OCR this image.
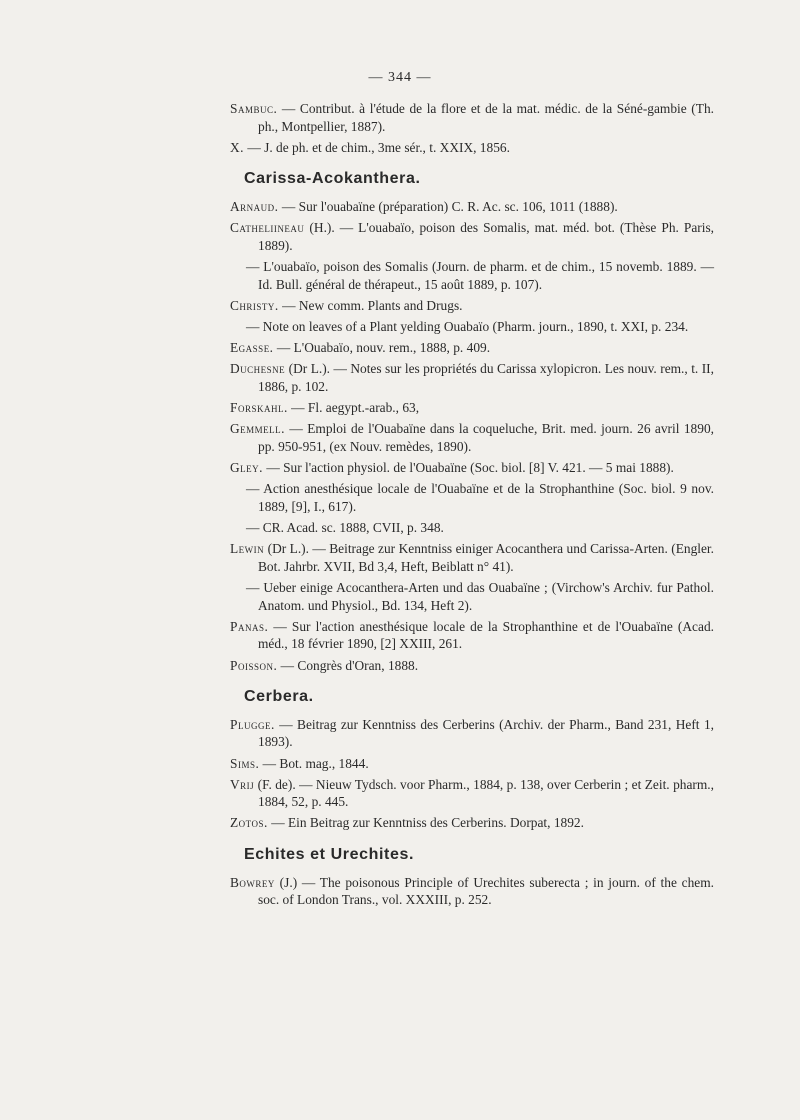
— 344 —

Sambuc. — Contribut. à l'étude de la flore et de la mat. médic. de la Séné-gambie (Th. ph., Montpellier, 1887).

X. — J. de ph. et de chim., 3me sér., t. XXIX, 1856.

Carissa-Acokanthera.

Arnaud. — Sur l'ouabaïne (préparation) C. R. Ac. sc. 106, 1011 (1888).

Catheliineau (H.). — L'ouabaïo, poison des Somalis, mat. méd. bot. (Thèse Ph. Paris, 1889).

— L'ouabaïo, poison des Somalis (Journ. de pharm. et de chim., 15 novemb. 1889. — Id. Bull. général de thérapeut., 15 août 1889, p. 107).

Christy. — New comm. Plants and Drugs.

— Note on leaves of a Plant yelding Ouabaïo (Pharm. journ., 1890, t. XXI, p. 234.

Egasse. — L'Ouabaïo, nouv. rem., 1888, p. 409.

Duchesne (Dr L.). — Notes sur les propriétés du Carissa xylopicron. Les nouv. rem., t. II, 1886, p. 102.

Forskahl. — Fl. aegypt.-arab., 63,

Gemmell. — Emploi de l'Ouabaïne dans la coqueluche, Brit. med. journ. 26 avril 1890, pp. 950-951, (ex Nouv. remèdes, 1890).

Gley. — Sur l'action physiol. de l'Ouabaïne (Soc. biol. [8] V. 421. — 5 mai 1888).

— Action anesthésique locale de l'Ouabaïne et de la Strophanthine (Soc. biol. 9 nov. 1889, [9], I., 617).

— CR. Acad. sc. 1888, CVII, p. 348.

Lewin (Dr L.). — Beitrage zur Kenntniss einiger Acocanthera und Carissa-Arten. (Engler. Bot. Jahrbr. XVII, Bd 3,4, Heft, Beiblatt n° 41).

— Ueber einige Acocanthera-Arten und das Ouabaïne ; (Virchow's Archiv. fur Pathol. Anatom. und Physiol., Bd. 134, Heft 2).

Panas. — Sur l'action anesthésique locale de la Strophanthine et de l'Ouabaïne (Acad. méd., 18 février 1890, [2] XXIII, 261.

Poisson. — Congrès d'Oran, 1888.

Cerbera.

Plugge. — Beitrag zur Kenntniss des Cerberins (Archiv. der Pharm., Band 231, Heft 1, 1893).

Sims. — Bot. mag., 1844.

Vrij (F. de). — Nieuw Tydsch. voor Pharm., 1884, p. 138, over Cerberin ; et Zeit. pharm., 1884, 52, p. 445.

Zotos. — Ein Beitrag zur Kenntniss des Cerberins. Dorpat, 1892.

Echites et Urechites.

Bowrey (J.) — The poisonous Principle of Urechites suberecta ; in journ. of the chem. soc. of London Trans., vol. XXXIII, p. 252.
